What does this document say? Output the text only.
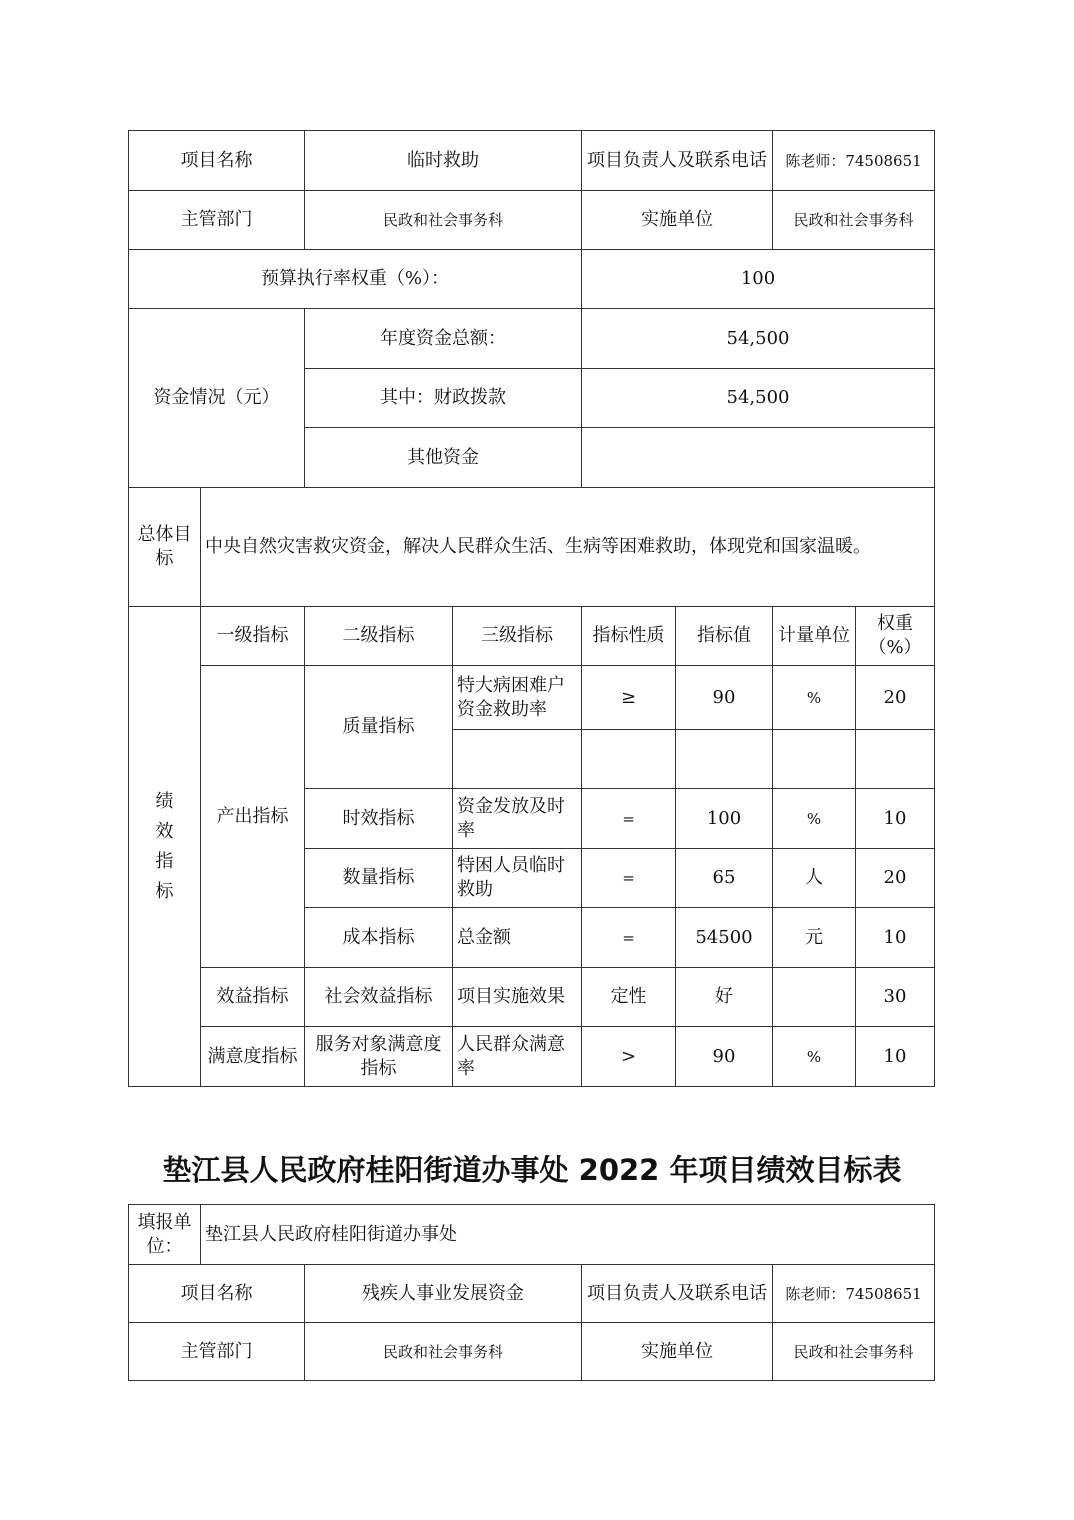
项目名称		临时救助		项目负责人及联系电话		陈老师：74508651	
主管部门		民政和社会事务科		实施单位		民政和社会事务科	
预算执行率权重（%）：				100			
资金情况（元）		年度资金总额：		54,500			
		其中：财政拨款		54,500			
		其他资金					
总体目标	中央自然灾害救灾资金，解决人民群众生活、生病等困难救助，体现党和国家温暖。						

绩效指标	一级指标	二级指标	三级指标	指标性质	指标值	计量单位	权重（%）
	产出指标	质量指标	特大病困难户资金救助率	≥	90	%	20

		时效指标	资金发放及时率	=	100	%	10
		数量指标	特困人员临时救助	=	65	人	20
		成本指标	总金额	=	54500	元	10
	效益指标	社会效益指标	项目实施效果	定性	好		30
	满意度指标	服务对象满意度指标	人民群众满意率	>	90	%	10
垫江县人民政府桂阳街道办事处 2022 年项目绩效目标表
填报单位：	垫江县人民政府桂阳街道办事处			
项目名称		残疾人事业发展资金	项目负责人及联系电话	陈老师：74508651
主管部门		民政和社会事务科	实施单位	民政和社会事务科
